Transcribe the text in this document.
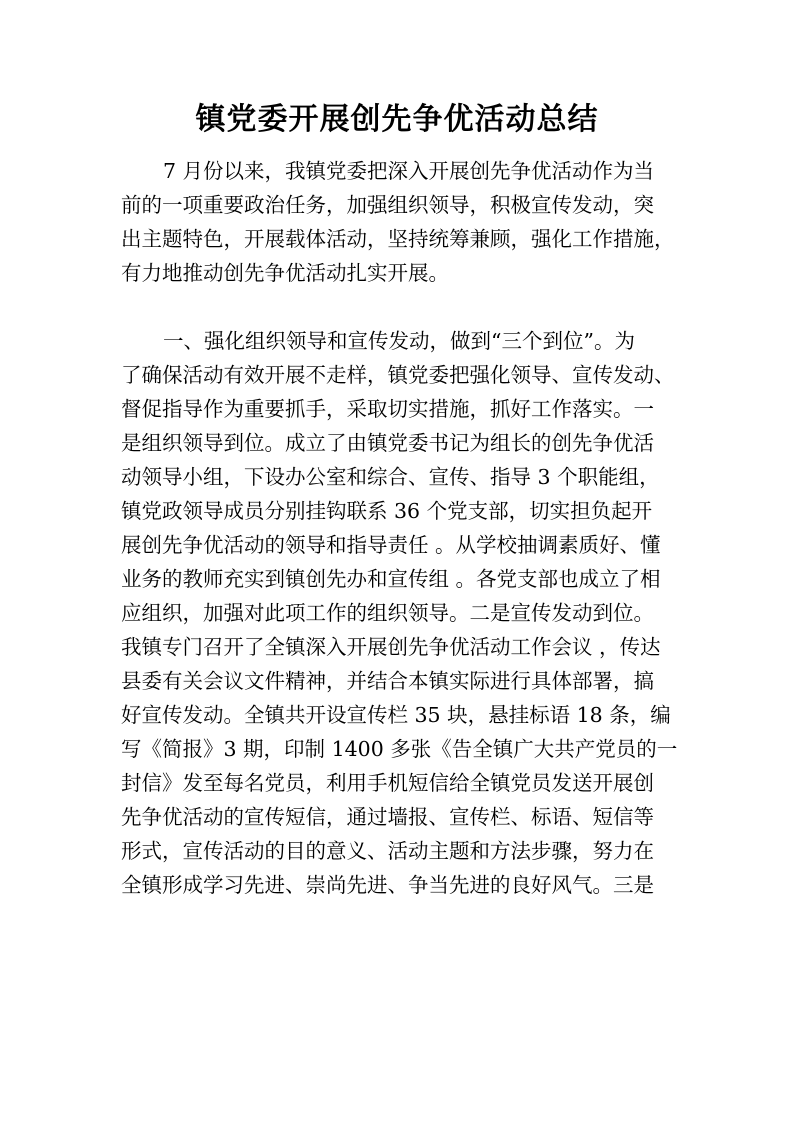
镇党委开展创先争优活动总结
7 月份以来，我镇党委把深入开展创先争优活动作为当
前的一项重要政治任务，加强组织领导，积极宣传发动，突
出主题特色，开展载体活动，坚持统筹兼顾，强化工作措施，
有力地推动创先争优活动扎实开展。
一、强化组织领导和宣传发动，做到“三个到位”。为
了确保活动有效开展不走样，镇党委把强化领导、宣传发动、
督促指导作为重要抓手，采取切实措施，抓好工作落实。一
是组织领导到位。成立了由镇党委书记为组长的创先争优活
动领导小组，下设办公室和综合、宣传、指导 3 个职能组，
镇党政领导成员分别挂钩联系 36 个党支部，切实担负起开
展创先争优活动的领导和指导责任 。从学校抽调素质好、懂
业务的教师充实到镇创先办和宣传组 。各党支部也成立了相
应组织，加强对此项工作的组织领导。二是宣传发动到位。
我镇专门召开了全镇深入开展创先争优活动工作会议 ，传达
县委有关会议文件精神，并结合本镇实际进行具体部署，搞
好宣传发动。全镇共开设宣传栏 35 块，悬挂标语 18 条，编
写《简报》3 期，印制 1400 多张《告全镇广大共产党员的一
封信》发至每名党员，利用手机短信给全镇党员发送开展创
先争优活动的宣传短信，通过墙报、宣传栏、标语、短信等
形式，宣传活动的目的意义、活动主题和方法步骤，努力在
全镇形成学习先进、崇尚先进、争当先进的良好风气。三是
